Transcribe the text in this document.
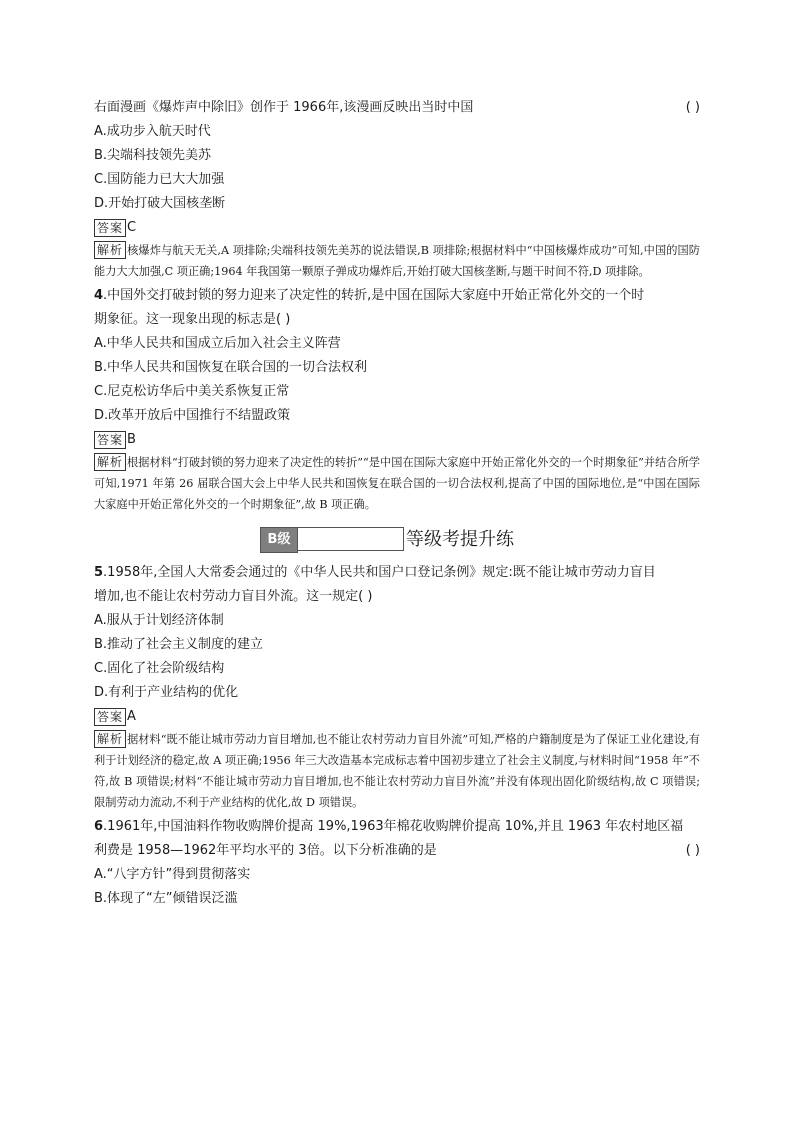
右面漫画《爆炸声中除旧》创作于 1966年,该漫画反映出当时中国	( )
A.成功步入航天时代
B.尖端科技领先美苏
C.国防能力已大大加强
D.开始打破大国核垄断
答案 C
解析 核爆炸与航天无关,A 项排除;尖端科技领先美苏的说法错误,B 项排除;根据材料中“中国核爆炸成功”可知,中国的国防能力大大加强,C 项正确;1964 年我国第一颗原子弹成功爆炸后,开始打破大国核垄断,与题干时间不符,D 项排除。
4.中国外交打破封锁的努力迎来了决定性的转折,是中国在国际大家庭中开始正常化外交的一个时
期象征。这一现象出现的标志是( )
A.中华人民共和国成立后加入社会主义阵营
B.中华人民共和国恢复在联合国的一切合法权利
C.尼克松访华后中美关系恢复正常
D.改革开放后中国推行不结盟政策
答案 B
解析 根据材料“打破封锁的努力迎来了决定性的转折”“是中国在国际大家庭中开始正常化外交的一个时期象征”并结合所学可知,1971 年第 26 届联合国大会上中华人民共和国恢复在联合国的一切合法权利,提高了中国的国际地位,是“中国在国际大家庭中开始正常化外交的一个时期象征”,故 B 项正确。
B级	等级考提升练
5.1958年,全国人大常委会通过的《中华人民共和国户口登记条例》规定:既不能让城市劳动力盲目
增加,也不能让农村劳动力盲目外流。这一规定( )
A.服从于计划经济体制
B.推动了社会主义制度的建立
C.固化了社会阶级结构
D.有利于产业结构的优化
答案 A
解析 据材料“既不能让城市劳动力盲目增加,也不能让农村劳动力盲目外流”可知,严格的户籍制度是为了保证工业化建设,有利于计划经济的稳定,故 A 项正确;1956 年三大改造基本完成标志着中国初步建立了社会主义制度,与材料时间“1958 年”不符,故 B 项错误;材料“不能让城市劳动力盲目增加,也不能让农村劳动力盲目外流”并没有体现出固化阶级结构,故 C 项错误;限制劳动力流动,不利于产业结构的优化,故 D 项错误。
6.1961年,中国油料作物收购牌价提高 19%,1963年棉花收购牌价提高 10%,并且 1963 年农村地区福
利费是 1958—1962年平均水平的 3倍。以下分析准确的是	( )
A.“八字方针”得到贯彻落实
B.体现了“左”倾错误泛滥
